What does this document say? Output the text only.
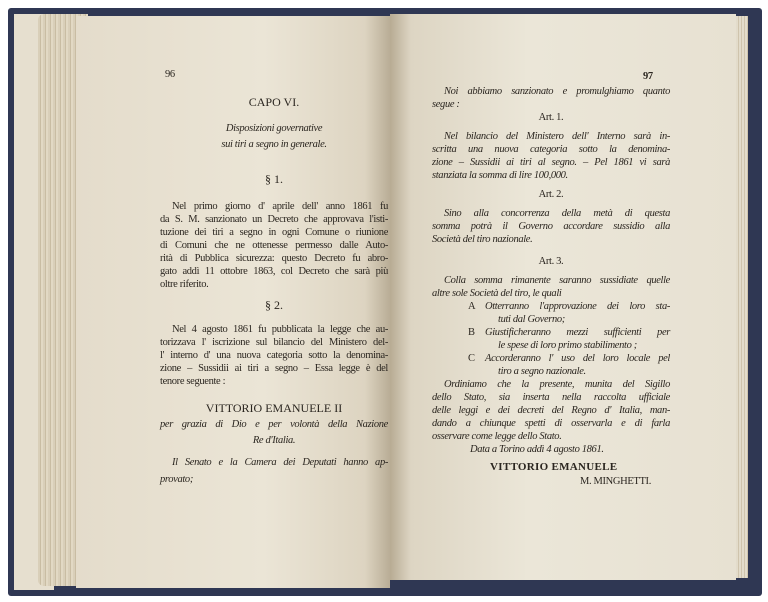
96
CAPO VI.
Disposizioni governative
sui tiri a segno in generale.
§ 1.
Nel primo giorno d' aprile dell' anno 1861 fu
da S. M. sanzionato un Decreto che approvava l'isti-
tuzione dei tiri a segno in ogni Comune o riunione
di Comuni che ne ottenesse permesso dalle Auto-
rità di Pubblica sicurezza: questo Decreto fu abro-
gato addì 11 ottobre 1863, col Decreto che sarà più
oltre riferito.
§ 2.
Nel 4 agosto 1861 fu pubblicata la legge che au-
torizzava l' iscrizione sul bilancio del Ministero del-
l' interno d' una nuova categoria sotto la denomina-
zione – Sussidii ai tiri a segno – Essa legge è del
tenore seguente :
VITTORIO EMANUELE II
per grazia di Dio e per volontà della Nazione
Re d'Italia.
Il Senato e la Camera dei Deputati hanno ap-
provato;
97
Noi abbiamo sanzionato e promulghiamo quanto
segue :
Art. 1.
Nel bilancio del Ministero dell' Interno sarà in-
scritta una nuova categoria sotto la denomina-
zione – Sussidii ai tiri al segno. – Pel 1861 vi sarà
stanziata la somma di lire 100,000.
Art. 2.
Sino alla concorrenza della metà di questa
somma potrà il Governo accordare sussidio alla
Società del tiro nazionale.
Art. 3.
Colla somma rimanente saranno sussidiate quelle
altre sole Società del tiro, le quali
A Otterranno l'approvazione dei loro sta-
tuti dal Governo;
B Giustificheranno mezzi sufficienti per
le spese di loro primo stabilimento ;
C Accorderanno l' uso del loro locale pel
tiro a segno nazionale.
Ordiniamo che la presente, munita del Sigillo
dello Stato, sia inserta nella raccolta ufficiale
delle leggi e dei decreti del Regno d' Italia, man-
dando a chiunque spetti di osservarla e di farla
osservare come legge dello Stato.
Data a Torino addì 4 agosto 1861.
VITTORIO EMANUELE
M. MINGHETTI.
